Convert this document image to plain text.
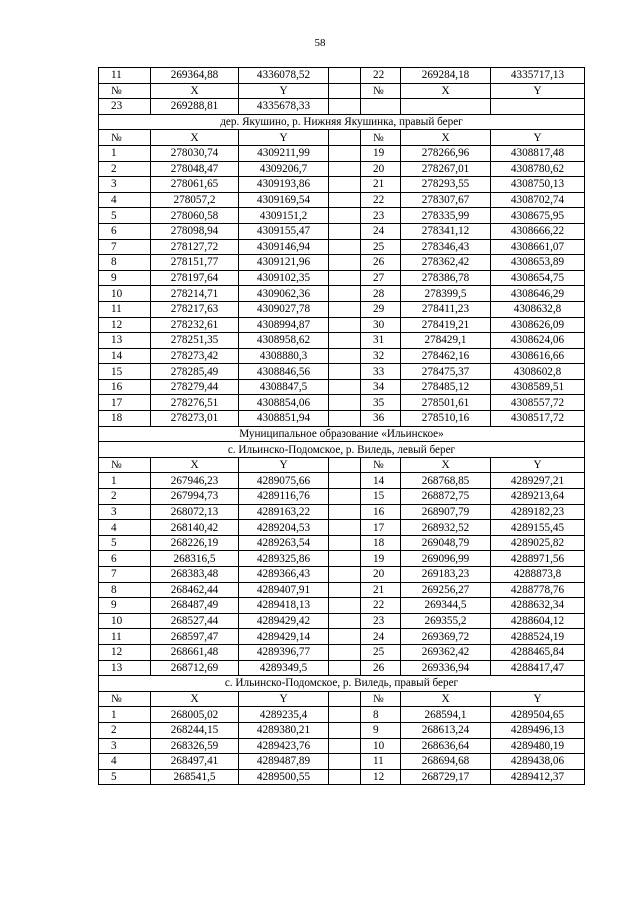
58
11	269364,88	4336078,52		22	269284,18	4335717,13
№	X	Y		№	X	Y
23	269288,81	4335678,33				
дер. Якушино, р. Нижняя Якушинка, правый берег						
№	X	Y		№	X	Y
1	278030,74	4309211,99		19	278266,96	4308817,48
2	278048,47	4309206,7		20	278267,01	4308780,62
3	278061,65	4309193,86		21	278293,55	4308750,13
4	278057,2	4309169,54		22	278307,67	4308702,74
5	278060,58	4309151,2		23	278335,99	4308675,95
6	278098,94	4309155,47		24	278341,12	4308666,22
7	278127,72	4309146,94		25	278346,43	4308661,07
8	278151,77	4309121,96		26	278362,42	4308653,89
9	278197,64	4309102,35		27	278386,78	4308654,75
10	278214,71	4309062,36		28	278399,5	4308646,29
11	278217,63	4309027,78		29	278411,23	4308632,8
12	278232,61	4308994,87		30	278419,21	4308626,09
13	278251,35	4308958,62		31	278429,1	4308624,06
14	278273,42	4308880,3		32	278462,16	4308616,66
15	278285,49	4308846,56		33	278475,37	4308602,8
16	278279,44	4308847,5		34	278485,12	4308589,51
17	278276,51	4308854,06		35	278501,61	4308557,72
18	278273,01	4308851,94		36	278510,16	4308517,72
Муниципальное образование «Ильинское»						
с. Ильинско-Подомское, р. Виледь, левый берег						
№	X	Y		№	X	Y
1	267946,23	4289075,66		14	268768,85	4289297,21
2	267994,73	4289116,76		15	268872,75	4289213,64
3	268072,13	4289163,22		16	268907,79	4289182,23
4	268140,42	4289204,53		17	268932,52	4289155,45
5	268226,19	4289263,54		18	269048,79	4289025,82
6	268316,5	4289325,86		19	269096,99	4288971,56
7	268383,48	4289366,43		20	269183,23	4288873,8
8	268462,44	4289407,91		21	269256,27	4288778,76
9	268487,49	4289418,13		22	269344,5	4288632,34
10	268527,44	4289429,42		23	269355,2	4288604,12
11	268597,47	4289429,14		24	269369,72	4288524,19
12	268661,48	4289396,77		25	269362,42	4288465,84
13	268712,69	4289349,5		26	269336,94	4288417,47
с. Ильинско-Подомское, р. Виледь, правый берег						
№	X	Y		№	X	Y
1	268005,02	4289235,4		8	268594,1	4289504,65
2	268244,15	4289380,21		9	268613,24	4289496,13
3	268326,59	4289423,76		10	268636,64	4289480,19
4	268497,41	4289487,89		11	268694,68	4289438,06
5	268541,5	4289500,55		12	268729,17	4289412,37
